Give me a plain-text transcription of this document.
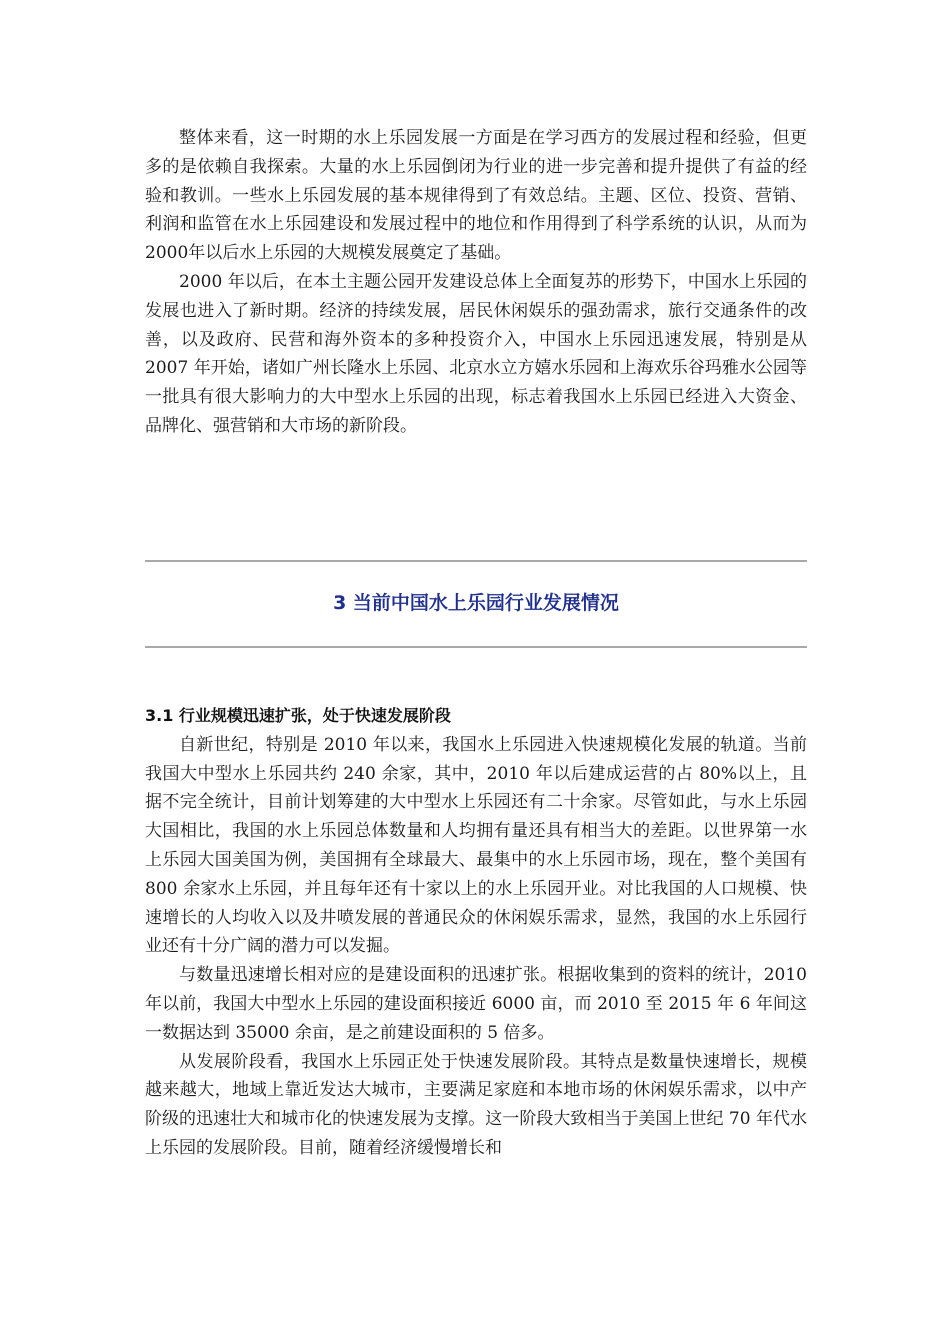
整体来看，这一时期的水上乐园发展一方面是在学习西方的发展过程和经验，但更多的是依赖自我探索。大量的水上乐园倒闭为行业的进一步完善和提升提供了有益的经验和教训。一些水上乐园发展的基本规律得到了有效总结。主题、区位、投资、营销、利润和监管在水上乐园建设和发展过程中的地位和作用得到了科学系统的认识，从而为 2000年以后水上乐园的大规模发展奠定了基础。

2000 年以后，在本土主题公园开发建设总体上全面复苏的形势下，中国水上乐园的发展也进入了新时期。经济的持续发展，居民休闲娱乐的强劲需求，旅行交通条件的改善，以及政府、民营和海外资本的多种投资介入，中国水上乐园迅速发展，特别是从 2007 年开始，诸如广州长隆水上乐园、北京水立方嬉水乐园和上海欢乐谷玛雅水公园等一批具有很大影响力的大中型水上乐园的出现，标志着我国水上乐园已经进入大资金、品牌化、强营销和大市场的新阶段。

3 当前中国水上乐园行业发展情况
3.1 行业规模迅速扩张，处于快速发展阶段

自新世纪，特别是 2010 年以来，我国水上乐园进入快速规模化发展的轨道。当前我国大中型水上乐园共约 240 余家，其中，2010 年以后建成运营的占 80%以上，且据不完全统计，目前计划筹建的大中型水上乐园还有二十余家。尽管如此，与水上乐园大国相比，我国的水上乐园总体数量和人均拥有量还具有相当大的差距。以世界第一水上乐园大国美国为例，美国拥有全球最大、最集中的水上乐园市场，现在，整个美国有 800 余家水上乐园，并且每年还有十家以上的水上乐园开业。对比我国的人口规模、快速增长的人均收入以及井喷发展的普通民众的休闲娱乐需求，显然，我国的水上乐园行业还有十分广阔的潜力可以发掘。

与数量迅速增长相对应的是建设面积的迅速扩张。根据收集到的资料的统计，2010 年以前，我国大中型水上乐园的建设面积接近 6000 亩，而 2010 至 2015 年 6 年间这一数据达到 35000 余亩，是之前建设面积的 5 倍多。

从发展阶段看，我国水上乐园正处于快速发展阶段。其特点是数量快速增长，规模越来越大，地域上靠近发达大城市，主要满足家庭和本地市场的休闲娱乐需求，以中产阶级的迅速壮大和城市化的快速发展为支撑。这一阶段大致相当于美国上世纪 70 年代水上乐园的发展阶段。目前，随着经济缓慢增长和
